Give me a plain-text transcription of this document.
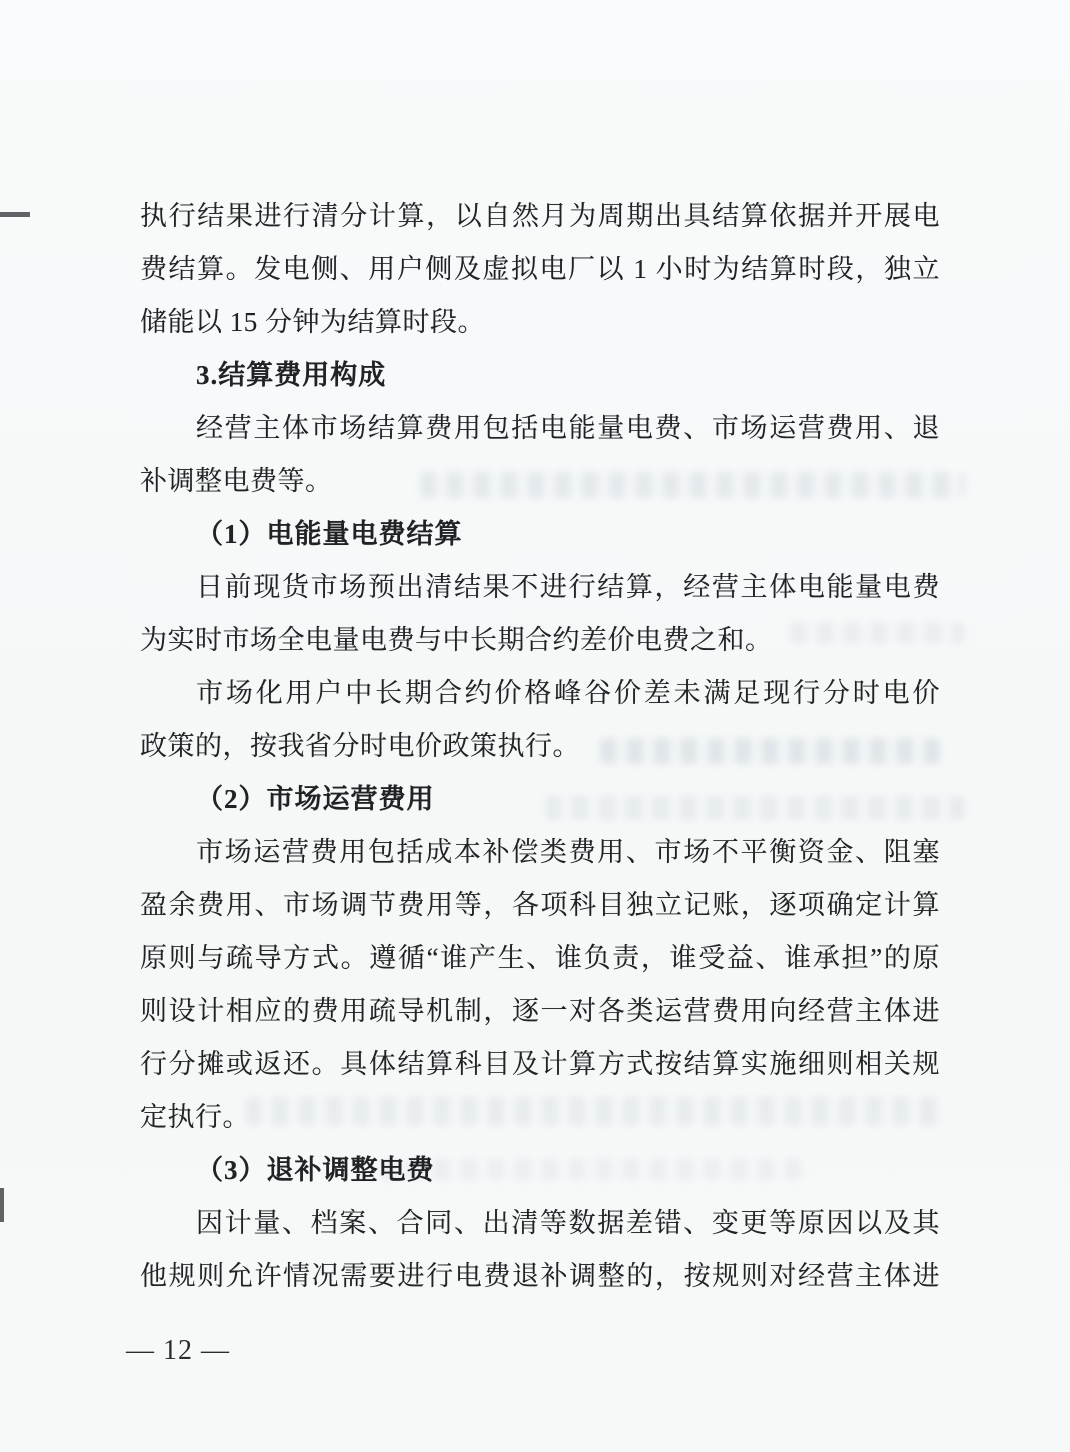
执行结果进行清分计算，以自然月为周期出具结算依据并开展电
费结算。发电侧、用户侧及虚拟电厂以 1 小时为结算时段，独立
储能以 15 分钟为结算时段。
3.结算费用构成
经营主体市场结算费用包括电能量电费、市场运营费用、退
补调整电费等。
（1）电能量电费结算
日前现货市场预出清结果不进行结算，经营主体电能量电费
为实时市场全电量电费与中长期合约差价电费之和。
市场化用户中长期合约价格峰谷价差未满足现行分时电价
政策的，按我省分时电价政策执行。
（2）市场运营费用
市场运营费用包括成本补偿类费用、市场不平衡资金、阻塞
盈余费用、市场调节费用等，各项科目独立记账，逐项确定计算
原则与疏导方式。遵循“谁产生、谁负责，谁受益、谁承担”的原
则设计相应的费用疏导机制，逐一对各类运营费用向经营主体进
行分摊或返还。具体结算科目及计算方式按结算实施细则相关规
定执行。
（3）退补调整电费
因计量、档案、合同、出清等数据差错、变更等原因以及其
他规则允许情况需要进行电费退补调整的，按规则对经营主体进
— 12 —
